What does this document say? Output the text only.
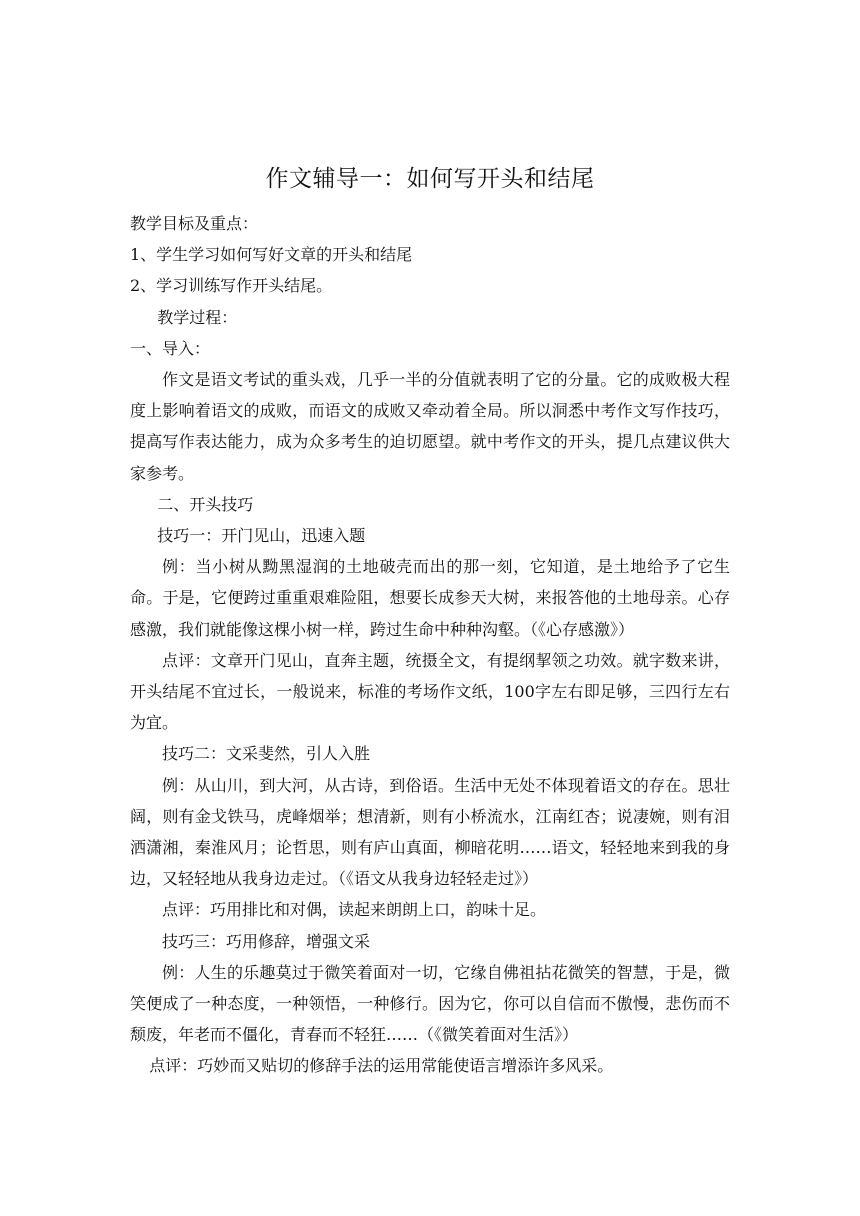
作文辅导一：如何写开头和结尾

教学目标及重点：

1、学生学习如何写好文章的开头和结尾

2、学习训练写作开头结尾。

教学过程：

一、导入：

作文是语文考试的重头戏，几乎一半的分值就表明了它的分量。它的成败极大程度上影响着语文的成败，而语文的成败又牵动着全局。所以洞悉中考作文写作技巧，提高写作表达能力，成为众多考生的迫切愿望。就中考作文的开头，提几点建议供大家参考。

二、开头技巧

技巧一：开门见山，迅速入题

例：当小树从黝黑湿润的土地破壳而出的那一刻，它知道，是土地给予了它生命。于是，它便跨过重重艰难险阻，想要长成参天大树，来报答他的土地母亲。心存感激，我们就能像这棵小树一样，跨过生命中种种沟壑。（《心存感激》）

点评：文章开门见山，直奔主题，统摄全文，有提纲挈领之功效。就字数来讲，开头结尾不宜过长，一般说来，标准的考场作文纸，100字左右即足够，三四行左右为宜。

技巧二：文采斐然，引人入胜

例：从山川，到大河，从古诗，到俗语。生活中无处不体现着语文的存在。思壮阔，则有金戈铁马，虎峰烟举；想清新，则有小桥流水，江南红杏；说凄婉，则有泪洒潇湘，秦淮风月；论哲思，则有庐山真面，柳暗花明……语文，轻轻地来到我的身边，又轻轻地从我身边走过。（《语文从我身边轻轻走过》）

点评：巧用排比和对偶，读起来朗朗上口，韵味十足。

技巧三：巧用修辞，增强文采

例：人生的乐趣莫过于微笑着面对一切，它缘自佛祖拈花微笑的智慧，于是，微笑便成了一种态度，一种领悟，一种修行。因为它，你可以自信而不傲慢，悲伤而不颓废，年老而不僵化，青春而不轻狂……（《微笑着面对生活》）

点评：巧妙而又贴切的修辞手法的运用常能使语言增添许多风采。
